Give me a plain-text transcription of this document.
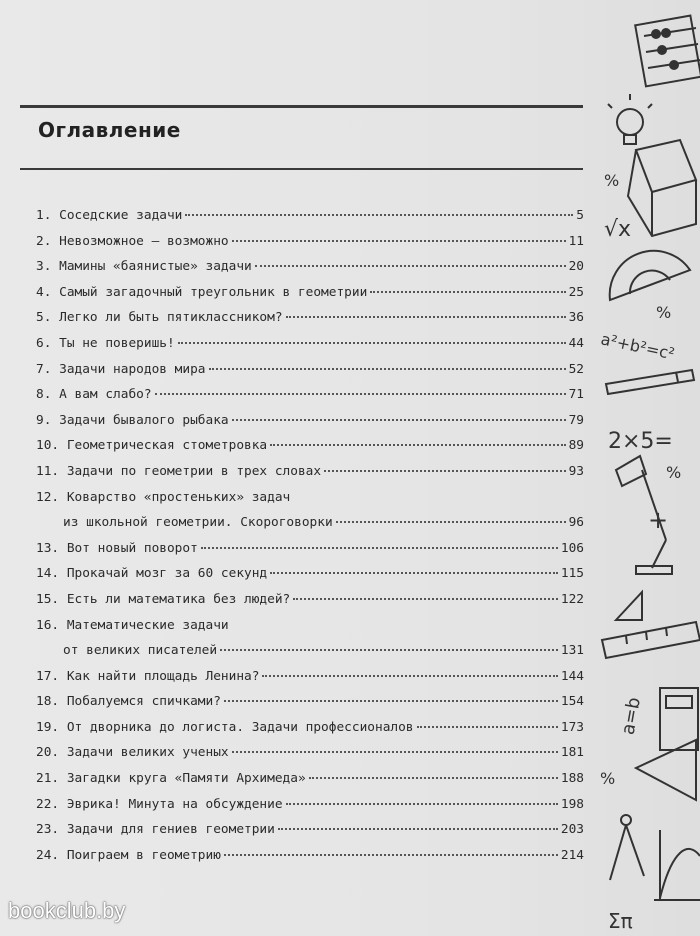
Оглавление
1. Соседские задачи	5
2. Невозможное — возможно	11
3. Мамины «баянистые» задачи	20
4. Самый загадочный треугольник в геометрии	25
5. Легко ли быть пятиклассником?	36
6. Ты не поверишь!	44
7. Задачи народов мира	52
8. А вам слабо?	71
9. Задачи бывалого рыбака	79
10. Геометрическая стометровка	89
11. Задачи по геометрии в трех словах	93
12. Коварство «простеньких» задач
из школьной геометрии. Скороговорки	96
13. Вот новый поворот	106
14. Прокачай мозг за 60 секунд	115
15. Есть ли математика без людей?	122
16. Математические задачи
от великих писателей	131
17. Как найти площадь Ленина?	144
18. Побалуемся спичками?	154
19. От дворника до логиста. Задачи профессионалов	173
20. Задачи великих ученых	181
21. Загадки круга «Памяти Архимеда»	188
22. Эврика! Минута на обсуждение	198
23. Задачи для гениев геометрии	203
24. Поиграем в геометрию	214
%
√x
%
a²+b²=c²
2×5=
%
+
a=b
%
Σπ
bookclub.by
